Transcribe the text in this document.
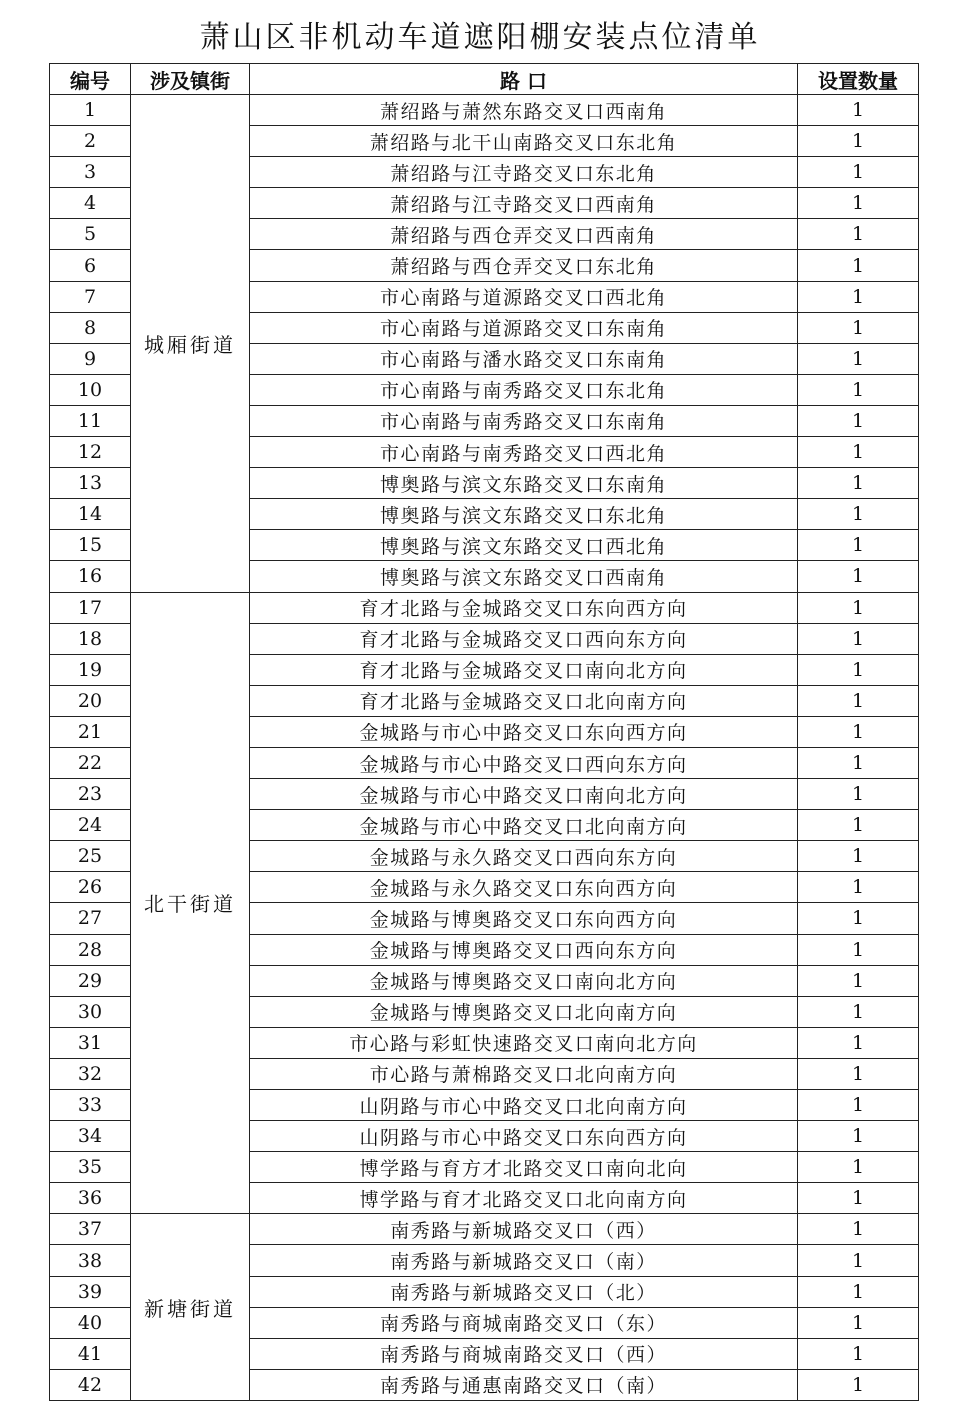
萧山区非机动车道遮阳棚安装点位清单
编号	涉及镇街	路 口	设置数量
1	城厢街道	萧绍路与萧然东路交叉口西南角	1
2		萧绍路与北干山南路交叉口东北角	1
3		萧绍路与江寺路交叉口东北角	1
4		萧绍路与江寺路交叉口西南角	1
5		萧绍路与西仓弄交叉口西南角	1
6		萧绍路与西仓弄交叉口东北角	1
7		市心南路与道源路交叉口西北角	1
8		市心南路与道源路交叉口东南角	1
9		市心南路与潘水路交叉口东南角	1
10		市心南路与南秀路交叉口东北角	1
11		市心南路与南秀路交叉口东南角	1
12		市心南路与南秀路交叉口西北角	1
13		博奥路与滨文东路交叉口东南角	1
14		博奥路与滨文东路交叉口东北角	1
15		博奥路与滨文东路交叉口西北角	1
16		博奥路与滨文东路交叉口西南角	1
17	北干街道	育才北路与金城路交叉口东向西方向	1
18		育才北路与金城路交叉口西向东方向	1
19		育才北路与金城路交叉口南向北方向	1
20		育才北路与金城路交叉口北向南方向	1
21		金城路与市心中路交叉口东向西方向	1
22		金城路与市心中路交叉口西向东方向	1
23		金城路与市心中路交叉口南向北方向	1
24		金城路与市心中路交叉口北向南方向	1
25		金城路与永久路交叉口西向东方向	1
26		金城路与永久路交叉口东向西方向	1
27		金城路与博奥路交叉口东向西方向	1
28		金城路与博奥路交叉口西向东方向	1
29		金城路与博奥路交叉口南向北方向	1
30		金城路与博奥路交叉口北向南方向	1
31		市心路与彩虹快速路交叉口南向北方向	1
32		市心路与萧棉路交叉口北向南方向	1
33		山阴路与市心中路交叉口北向南方向	1
34		山阴路与市心中路交叉口东向西方向	1
35		博学路与育方才北路交叉口南向北向	1
36		博学路与育才北路交叉口北向南方向	1
37	新塘街道	南秀路与新城路交叉口（西）	1
38		南秀路与新城路交叉口（南）	1
39		南秀路与新城路交叉口（北）	1
40		南秀路与商城南路交叉口（东）	1
41		南秀路与商城南路交叉口（西）	1
42		南秀路与通惠南路交叉口（南）	1
